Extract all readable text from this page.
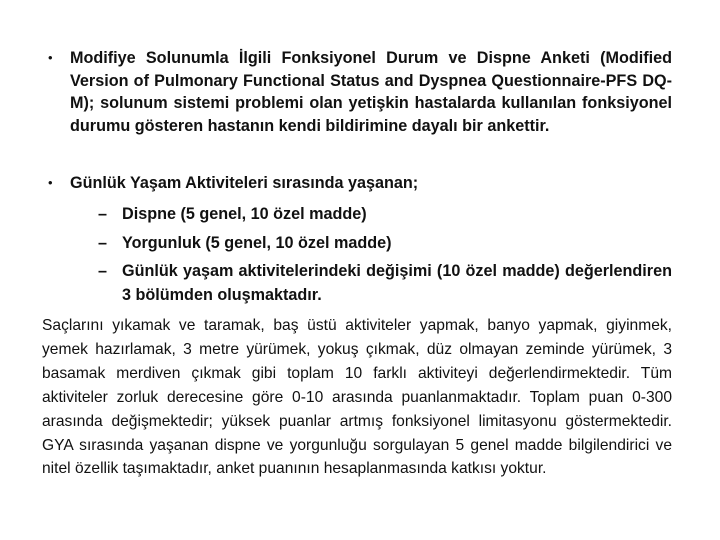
•	Modifiye Solunumla İlgili Fonksiyonel Durum ve Dispne Anketi (Modified Version of Pulmonary Functional Status and Dyspnea Questionnaire-PFS DQ-M); solunum sistemi problemi olan yetişkin hastalarda kullanılan fonksiyonel durumu gösteren hastanın kendi bildirimine dayalı bir ankettir.
•	Günlük Yaşam Aktiviteleri sırasında yaşanan;
– Dispne (5 genel, 10 özel madde)
– Yorgunluk (5 genel, 10 özel madde)
– Günlük yaşam aktivitelerindeki değişimi (10 özel madde) değerlendiren 3 bölümden oluşmaktadır.
Saçlarını yıkamak ve taramak, baş üstü aktiviteler yapmak, banyo yapmak, giyinmek, yemek hazırlamak, 3 metre yürümek, yokuş çıkmak, düz olmayan zeminde yürümek, 3 basamak merdiven çıkmak gibi toplam 10 farklı aktiviteyi değerlendirmektedir. Tüm aktiviteler zorluk derecesine göre 0-10 arasında puanlanmaktadır. Toplam puan 0-300 arasında değişmektedir; yüksek puanlar artmış fonksiyonel limitasyonu göstermektedir. GYA sırasında yaşanan dispne ve yorgunluğu sorgulayan 5 genel madde bilgilendirici ve nitel özellik taşımaktadır, anket puanının hesaplanmasında katkısı yoktur.
